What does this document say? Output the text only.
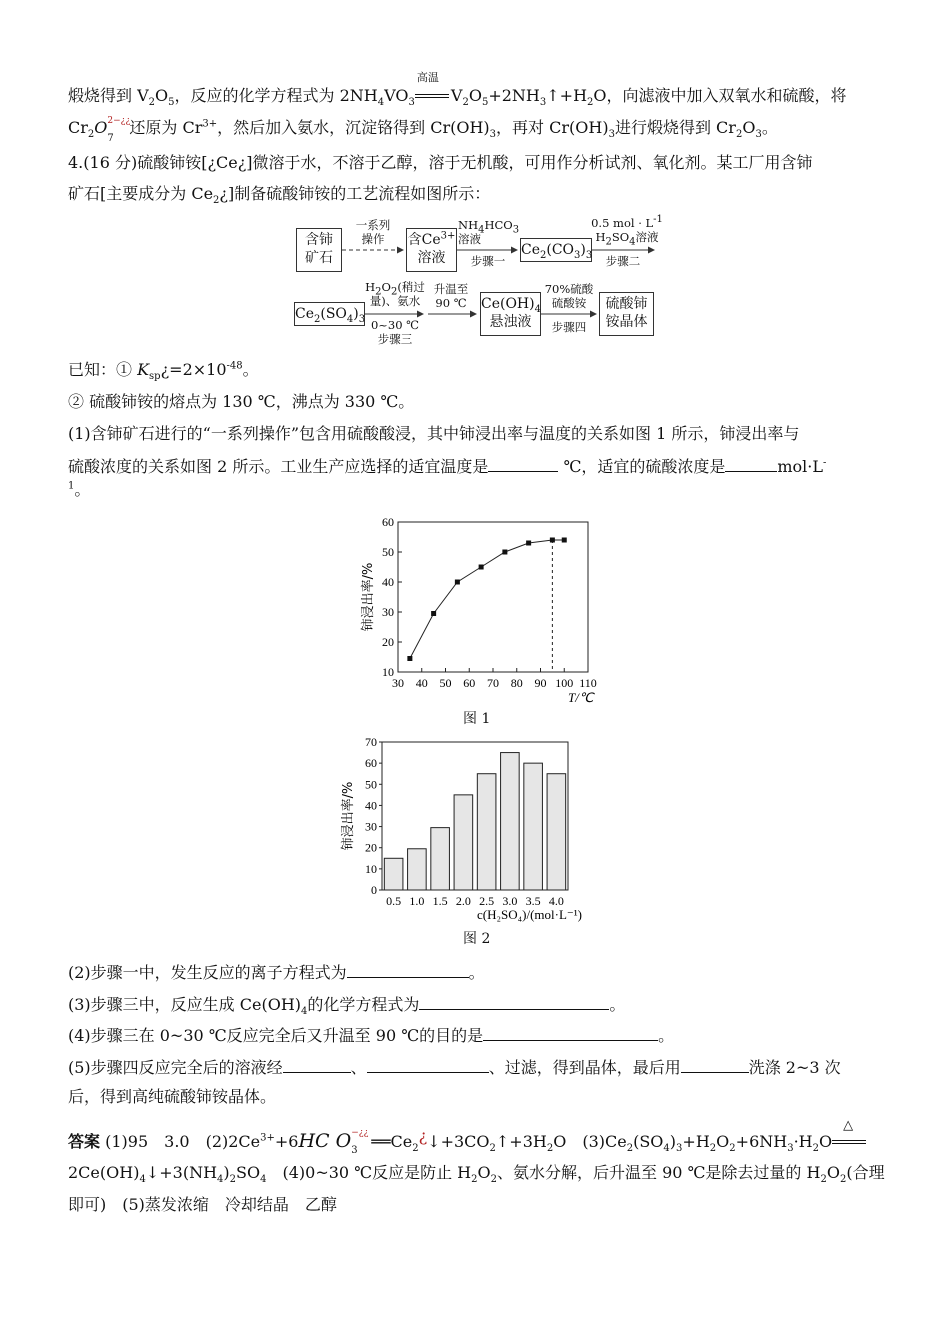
煅烧得到 $V_2O_5$，反应的化学方程式为 $2NH_4VO_3$
高温
$V_2O_5+2NH_3↑+H_2O$，向滤液中加入双氧水和硫酸，将
$Cr_2O$ 2−¿¿
7
还原为 $Cr^{3+}$，然后加入氨水，沉淀铬得到 $Cr(OH)_3$，再对 $Cr(OH)_3$进行煅烧得到 $Cr_2O_3$。
4.(16 分)硫酸铈铵[¿Ce¿]微溶于水，不溶于乙醇，溶于无机酸，可用作分析试剂、氧化剂。某工厂用含铈
矿石[主要成分为 $Ce_2¿$]制备硫酸铈铵的工艺流程如图所示：
含铈
矿石
一系列
操作	含$Ce^{3+}$
溶液
$NH_4HCO_3$
溶液
步骤一
$Ce_2(CO_3)_3$
0.5 mol · $L^{-1}$
$H_2SO_4$溶液
步骤二
$Ce_2(SO_4)_3$
$H_2O_2$(稍过
量)、氨水
0~30 ℃
步骤三
升温至
90 ℃	$Ce(OH)_4$
悬浊液
70%硫酸
硫酸铵
步骤四
硫酸铈
铵晶体
已知：① $K_{sp}¿=2\times 10^{-48}$。
② 硫酸铈铵的熔点为 130 ℃，沸点为 330 ℃。
(1)含铈矿石进行的“一系列操作”包含用硫酸酸浸，其中铈浸出率与温度的关系如图 1 所示，铈浸出率与
硫酸浓度的关系如图 2 所示。工业生产应选择的适宜温度是	℃，适宜的硫酸浓度是	mol·L-
$^1$。
10
20
30
40
50
60
30 40 50 60 70 80 90 100 110
铈浸出率/%
T/℃
图 1
0
10
20
30
40
50
60
70
0.5 1.0 1.5 2.0 2.5 3.0 3.5 4.0
铈浸出率/%
c(H₂SO₄)/(mol·L⁻¹)
图 2
(2)步骤一中，发生反应的离子方程式为	。
(3)步骤三中，反应生成 $Ce(OH)_4$的化学方程式为	。
(4)步骤三在 0~30 ℃反应完全后又升温至 90 ℃的目的是	。
(5)步骤四反应完全后的溶液经	、	、过滤，得到晶体，最后用	洗涤 2~3 次
后，得到高纯硫酸铈铵晶体。
答案 (1)95　3.0　$(2)2Ce^{3+}+6HC$ O −¿¿
3 $══Ce_2¿↓+3CO_2↑+3H_2O$　$(3)Ce_2(SO_4)_3+H_2O_2+6NH_3\cdot H_2O$
△
$2Ce(OH)_4↓+3(NH_4)_2SO_4$　(4)0~30 ℃反应是防止 $H_2O_2$、氨水分解，后升温至 90 ℃是除去过量的 $H_2O_2$(合理
即可)　(5)蒸发浓缩　冷却结晶　乙醇
